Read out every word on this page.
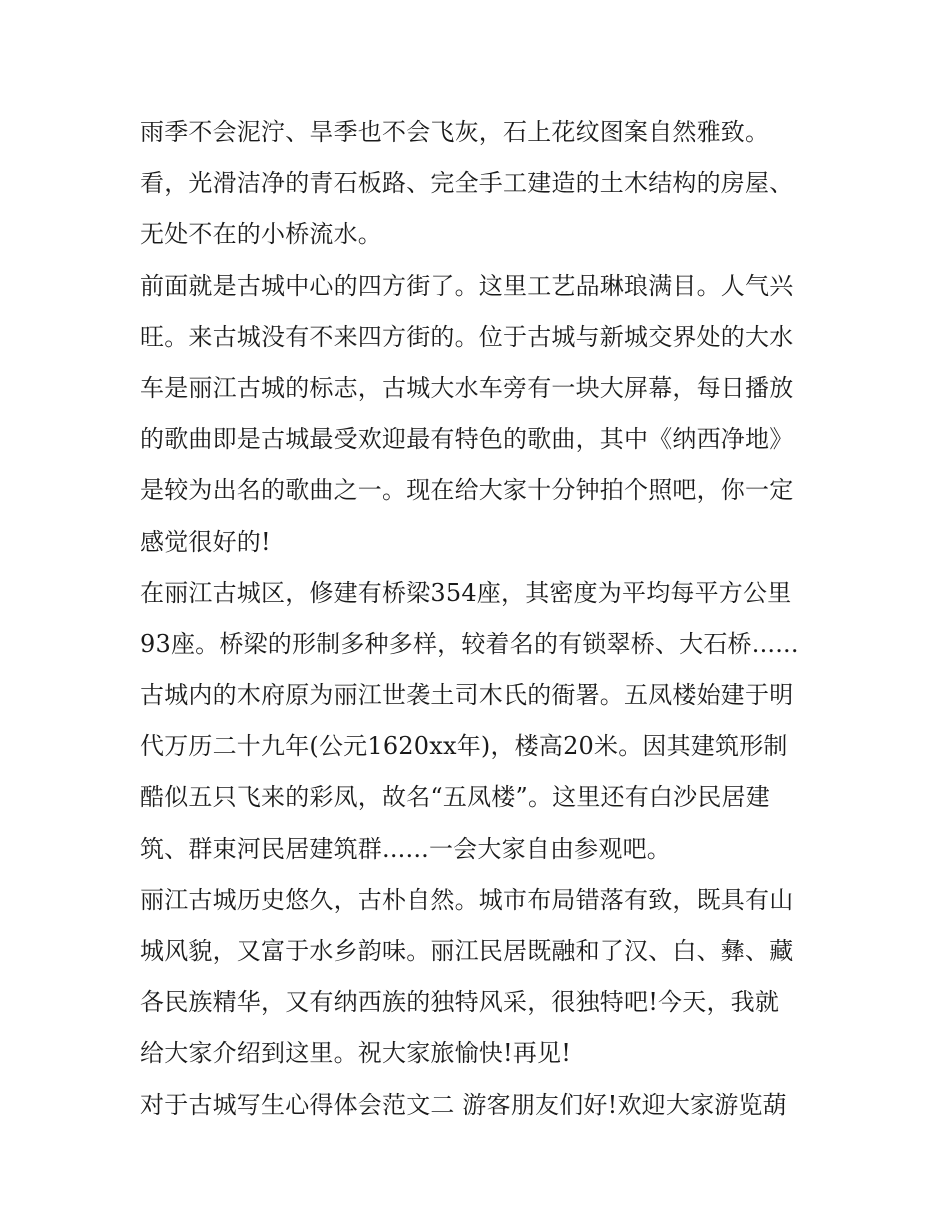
雨季不会泥泞、旱季也不会飞灰，石上花纹图案自然雅致。
看，光滑洁净的青石板路、完全手工建造的土木结构的房屋、
无处不在的小桥流水。
前面就是古城中心的四方街了。这里工艺品琳琅满目。人气兴
旺。来古城没有不来四方街的。位于古城与新城交界处的大水
车是丽江古城的标志，古城大水车旁有一块大屏幕，每日播放
的歌曲即是古城最受欢迎最有特色的歌曲，其中《纳西净地》
是较为出名的歌曲之一。现在给大家十分钟拍个照吧，你一定
感觉很好的!
在丽江古城区，修建有桥梁354座，其密度为平均每平方公里
93座。桥梁的形制多种多样，较着名的有锁翠桥、大石桥......
古城内的木府原为丽江世袭土司木氏的衙署。五凤楼始建于明
代万历二十九年(公元1620xx年)，楼高20米。因其建筑形制
酷似五只飞来的彩凤，故名“五凤楼”。这里还有白沙民居建
筑、群束河民居建筑群......一会大家自由参观吧。
丽江古城历史悠久，古朴自然。城市布局错落有致，既具有山
城风貌，又富于水乡韵味。丽江民居既融和了汉、白、彝、藏
各民族精华，又有纳西族的独特风采，很独特吧!今天，我就
给大家介绍到这里。祝大家旅愉快!再见!
对于古城写生心得体会范文二 游客朋友们好!欢迎大家游览葫
